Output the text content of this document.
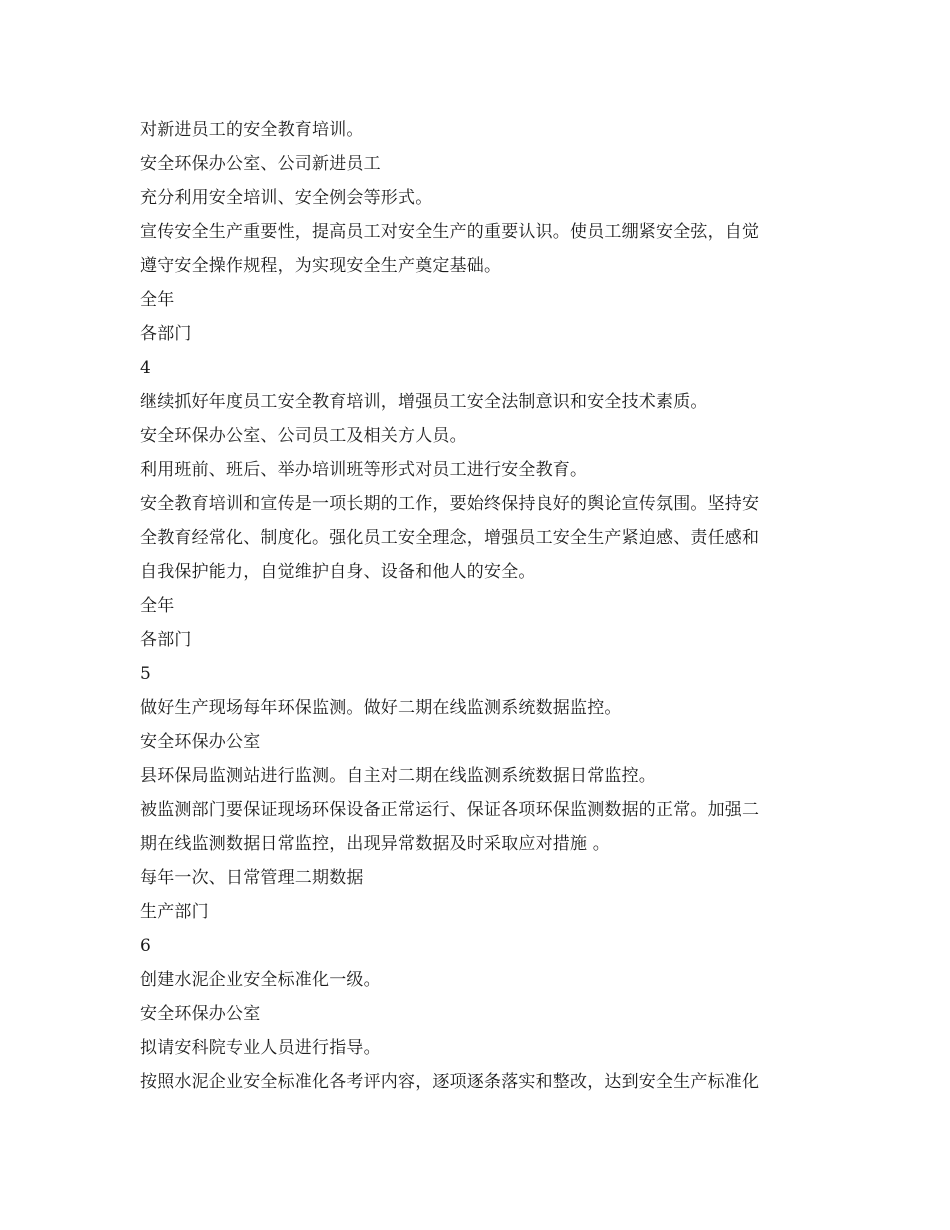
对新进员工的安全教育培训。

安全环保办公室、公司新进员工

充分利用安全培训、安全例会等形式。

宣传安全生产重要性，提高员工对安全生产的重要认识。使员工绷紧安全弦，自觉

遵守安全操作规程，为实现安全生产奠定基础。

全年

各部门

4

继续抓好年度员工安全教育培训，增强员工安全法制意识和安全技术素质。

安全环保办公室、公司员工及相关方人员。

利用班前、班后、举办培训班等形式对员工进行安全教育。

安全教育培训和宣传是一项长期的工作，要始终保持良好的舆论宣传氛围。坚持安

全教育经常化、制度化。强化员工安全理念，增强员工安全生产紧迫感、责任感和

自我保护能力，自觉维护自身、设备和他人的安全。

全年

各部门

5

做好生产现场每年环保监测。做好二期在线监测系统数据监控。

安全环保办公室

县环保局监测站进行监测。自主对二期在线监测系统数据日常监控。

被监测部门要保证现场环保设备正常运行、保证各项环保监测数据的正常。加强二

期在线监测数据日常监控，出现异常数据及时采取应对措施 。

每年一次、日常管理二期数据

生产部门

6

创建水泥企业安全标准化一级。

安全环保办公室

拟请安科院专业人员进行指导。

按照水泥企业安全标准化各考评内容，逐项逐条落实和整改，达到安全生产标准化
